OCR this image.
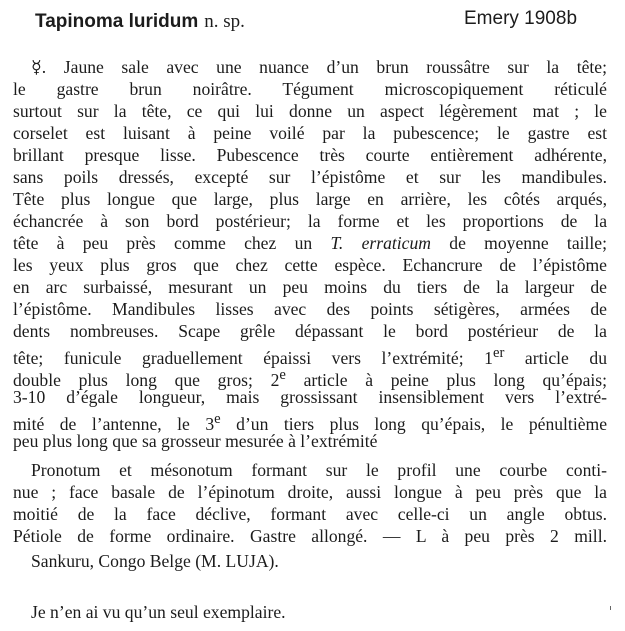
Tapinoma luridum n. sp.	Emery 1908b
☿. Jaune sale avec une nuance d’un brun roussâtre sur la tête;
le gastre brun noirâtre. Tégument microscopiquement réticulé
surtout sur la tête, ce qui lui donne un aspect légèrement mat ; le
corselet est luisant à peine voilé par la pubescence; le gastre est
brillant presque lisse. Pubescence très courte entièrement adhérente,
sans poils dressés, excepté sur l’épistôme et sur les mandibules.
Tête plus longue que large, plus large en arrière, les côtés arqués,
échancrée à son bord postérieur; la forme et les proportions de la
tête à peu près comme chez un T. erraticum de moyenne taille;
les yeux plus gros que chez cette espèce. Echancrure de l’épistôme
en arc surbaissé, mesurant un peu moins du tiers de la largeur de
l’épistôme. Mandibules lisses avec des points sétigères, armées de
dents nombreuses. Scape grêle dépassant le bord postérieur de la
tête; funicule graduellement épaissi vers l’extrémité; 1er article du
double plus long que gros; 2e article à peine plus long qu’épais;
3-10 d’égale longueur, mais grossissant insensiblement vers l’extré-
mité de l’antenne, le 3e d’un tiers plus long qu’épais, le pénultième
peu plus long que sa grosseur mesurée à l’extrémité
Pronotum et mésonotum formant sur le profil une courbe conti-
nue ; face basale de l’épinotum droite, aussi longue à peu près que la
moitié de la face déclive, formant avec celle-ci un angle obtus.
Pétiole de forme ordinaire. Gastre allongé. — L à peu près 2 mill.
Sankuru, Congo Belge (M. LUJA).
Je n’en ai vu qu’un seul exemplaire.
